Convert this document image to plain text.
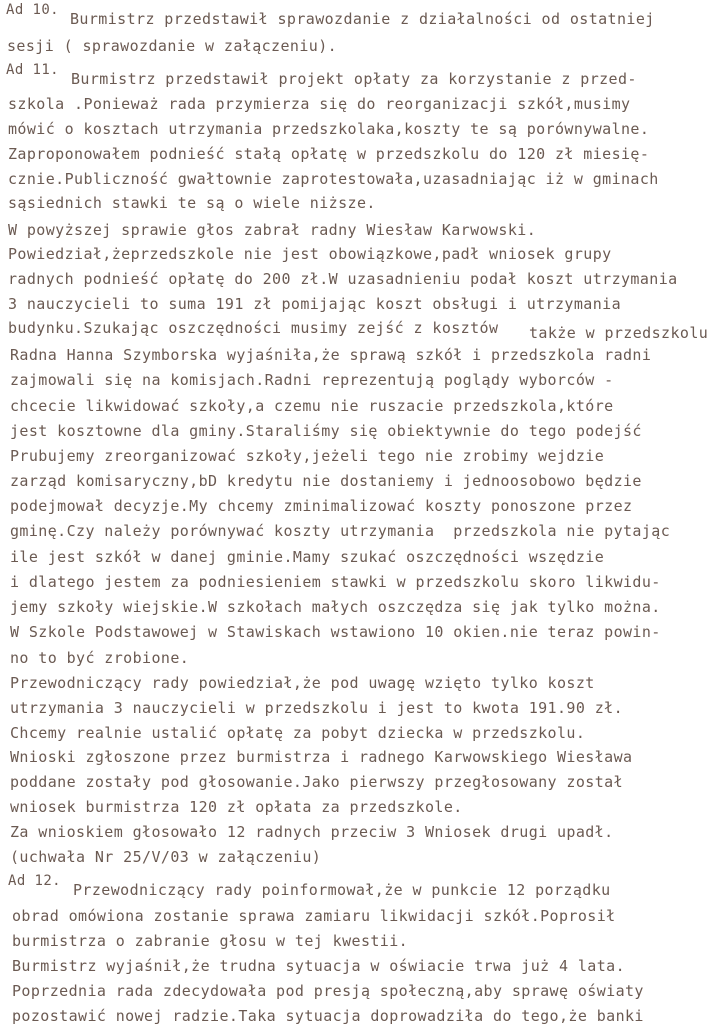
Ad 10. Burmistrz przedstawił sprawozdanie z działalności od ostatniej
sesji ( sprawozdanie w załączeniu).
Ad 11. Burmistrz przedstawił projekt opłaty za korzystanie z przed-
szkola .Ponieważ rada przymierza się do reorganizacji szkół,musimy
mówić o kosztach utrzymania przedszkolaka,koszty te są porównywalne.
Zaproponowałem podnieść stałą opłatę w przedszkolu do 120 zł miesię-
cznie.Publiczność gwałtownie zaprotestowała,uzasadniając iż w gminach
sąsiednich stawki te są o wiele niższe.
W powyższej sprawie głos zabrał radny Wiesław Karwowski.
Powiedział,żeprzedszkole nie jest obowiązkowe,padł wniosek grupy
radnych podnieść opłatę do 200 zł.W uzasadnieniu podał koszt utrzymania
3 nauczycieli to suma 191 zł pomijając koszt obsługi i utrzymania
budynku.Szukając oszczędności musimy zejść z kosztów także w przedszkolu
Radna Hanna Szymborska wyjaśniła,że sprawą szkół i przedszkola radni
zajmowali się na komisjach.Radni reprezentują poglądy wyborców -
chcecie likwidować szkoły,a czemu nie ruszacie przedszkola,które
jest kosztowne dla gminy.Staraliśmy się obiektywnie do tego podejść
Prubujemy zreorganizować szkoły,jeżeli tego nie zrobimy wejdzie
zarząd komisaryczny,bD kredytu nie dostaniemy i jednoosobowo będzie
podejmował decyzje.My chcemy zminimalizować koszty ponoszone przez
gminę.Czy należy porównywać koszty utrzymania  przedszkola nie pytając
ile jest szkół w danej gminie.Mamy szukać oszczędności wszędzie
i dlatego jestem za podniesieniem stawki w przedszkolu skoro likwidu-
jemy szkoły wiejskie.W szkołach małych oszczędza się jak tylko można.
W Szkole Podstawowej w Stawiskach wstawiono 10 okien.nie teraz powin-
no to być zrobione.
Przewodniczący rady powiedział,że pod uwagę wzięto tylko koszt
utrzymania 3 nauczycieli w przedszkolu i jest to kwota 191.90 zł.
Chcemy realnie ustalić opłatę za pobyt dziecka w przedszkolu.
Wnioski zgłoszone przez burmistrza i radnego Karwowskiego Wiesława
poddane zostały pod głosowanie.Jako pierwszy przegłosowany został
wniosek burmistrza 120 zł opłata za przedszkole.
Za wnioskiem głosowało 12 radnych przeciw 3 Wniosek drugi upadł.
(uchwała Nr 25/V/03 w załączeniu)
Ad 12. Przewodniczący rady poinformował,że w punkcie 12 porządku
obrad omówiona zostanie sprawa zamiaru likwidacji szkół.Poprosił
burmistrza o zabranie głosu w tej kwestii.
Burmistrz wyjaśnił,że trudna sytuacja w oświacie trwa już 4 lata.
Poprzednia rada zdecydowała pod presją społeczną,aby sprawę oświaty
pozostawić nowej radzie.Taka sytuacja doprowadziła do tego,że banki
